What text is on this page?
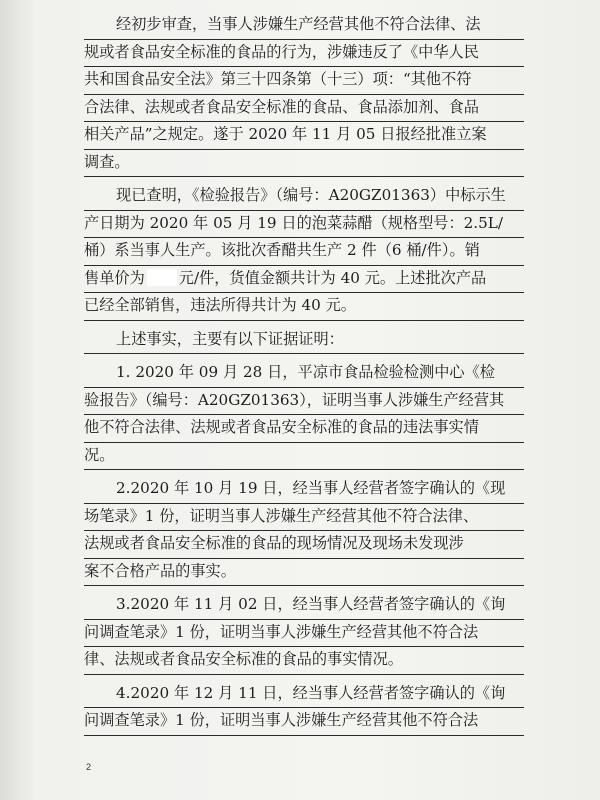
经初步审查，当事人涉嫌生产经营其他不符合法律、法
规或者食品安全标准的食品的行为，涉嫌违反了《中华人民
共和国食品安全法》第三十四条第（十三）项：“其他不符
合法律、法规或者食品安全标准的食品、食品添加剂、食品
相关产品”之规定。遂于 2020 年 11 月 05 日报经批准立案
调查。
现已查明，《检验报告》（编号：A20GZ01363）中标示生
产日期为 2020 年 05 月 19 日的泡菜蒜醋（规格型号：2.5L/
桶）系当事人生产。该批次香醋共生产 2 件（6 桶/件）。销
售单价为 元/件，货值金额共计为 40 元。上述批次产品
已经全部销售，违法所得共计为 40 元。
上述事实，主要有以下证据证明：
1. 2020 年 09 月 28 日，平凉市食品检验检测中心《检
验报告》（编号：A20GZ01363），证明当事人涉嫌生产经营其
他不符合法律、法规或者食品安全标准的食品的违法事实情
况。
2.2020 年 10 月 19 日，经当事人经营者签字确认的《现
场笔录》1 份，证明当事人涉嫌生产经营其他不符合法律、
法规或者食品安全标准的食品的现场情况及现场未发现涉
案不合格产品的事实。
3.2020 年 11 月 02 日，经当事人经营者签字确认的《询
问调查笔录》1 份，证明当事人涉嫌生产经营其他不符合法
律、法规或者食品安全标准的食品的事实情况。
4.2020 年 12 月 11 日，经当事人经营者签字确认的《询
问调查笔录》1 份，证明当事人涉嫌生产经营其他不符合法
2
